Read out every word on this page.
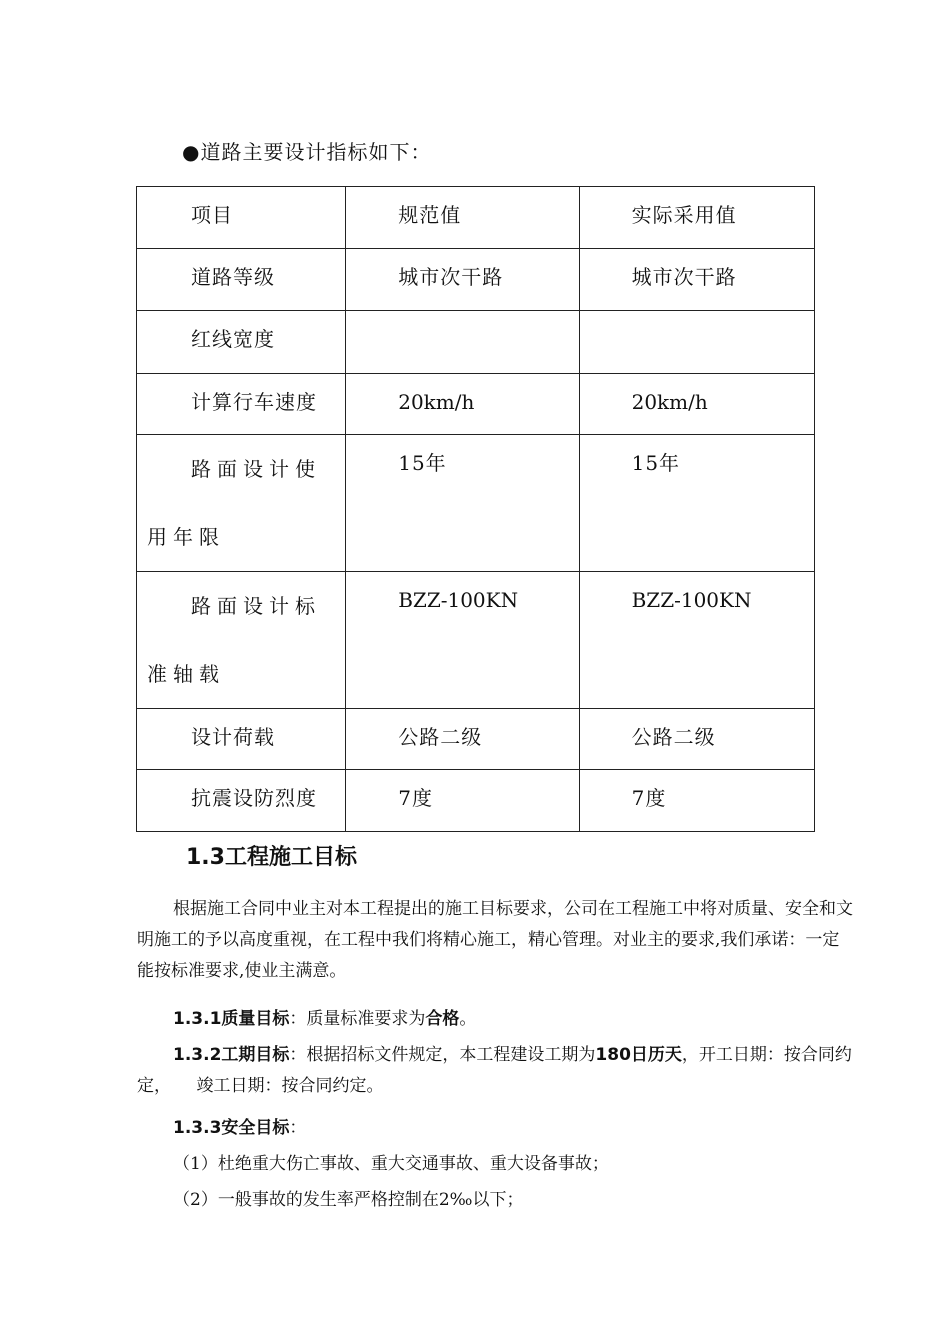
●道路主要设计指标如下：
项目	规范值	实际采用值

道路等级	城市次干路	城市次干路

红线宽度		

计算行车速度	20km/h	20km/h

路面设计使用年限	15年	15年

路面设计标准轴载	BZZ-100KN	BZZ-100KN

设计荷载	公路二级	公路二级

抗震设防烈度	7度	7度
1.3工程施工目标

根据施工合同中业主对本工程提出的施工目标要求，公司在工程施工中将对质量、安全和文明施工的予以高度重视，在工程中我们将精心施工，精心管理。对业主的要求,我们承诺：一定能按标准要求,使业主满意。

1.3.1质量目标：质量标准要求为合格。

1.3.2工期目标：根据招标文件规定，本工程建设工期为180日历天，开工日期：按合同约定，　　竣工日期：按合同约定。

1.3.3安全目标：

（1）杜绝重大伤亡事故、重大交通事故、重大设备事故；

（2）一般事故的发生率严格控制在2‰以下；
